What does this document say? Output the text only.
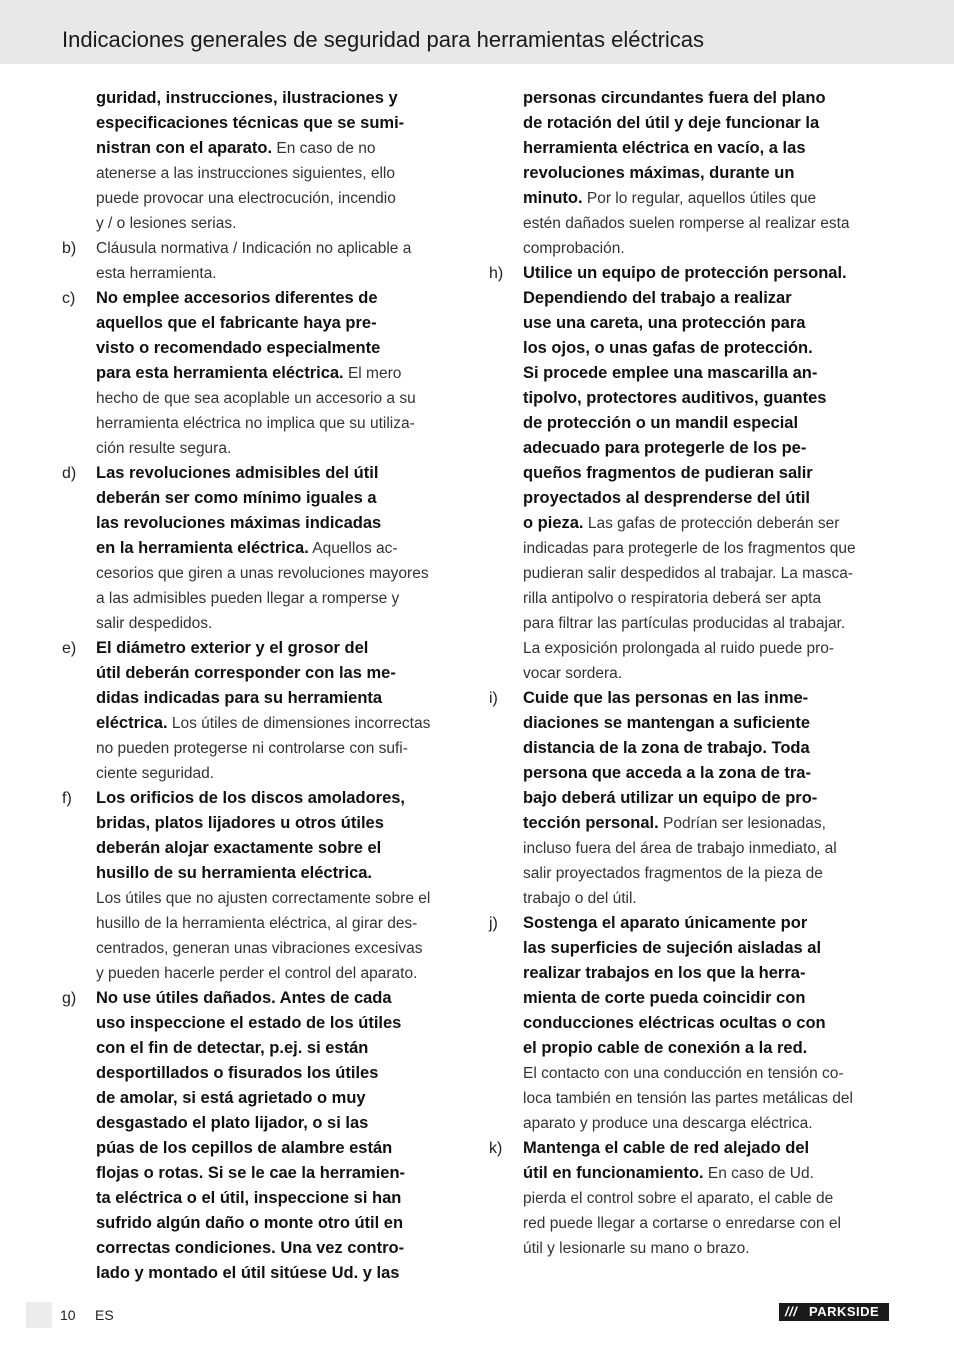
Indicaciones generales de seguridad para herramientas eléctricas
guridad, instrucciones, ilustraciones y
especificaciones técnicas que se sumi-
nistran con el aparato. En caso de no
atenerse a las instrucciones siguientes, ello
puede provocar una electrocución, incendio
y / o lesiones serias.
b) Cláusula normativa / Indicación no aplicable a
esta herramienta.
c) No emplee accesorios diferentes de
aquellos que el fabricante haya pre-
visto o recomendado especialmente
para esta herramienta eléctrica. El mero
hecho de que sea acoplable un accesorio a su
herramienta eléctrica no implica que su utiliza-
ción resulte segura.
d) Las revoluciones admisibles del útil
deberán ser como mínimo iguales a
las revoluciones máximas indicadas
en la herramienta eléctrica. Aquellos ac-
cesorios que giren a unas revoluciones mayores
a las admisibles pueden llegar a romperse y
salir despedidos.
e) El diámetro exterior y el grosor del
útil deberán corresponder con las me-
didas indicadas para su herramienta
eléctrica. Los útiles de dimensiones incorrectas
no pueden protegerse ni controlarse con sufi-
ciente seguridad.
f) Los orificios de los discos amoladores,
bridas, platos lijadores u otros útiles
deberán alojar exactamente sobre el
husillo de su herramienta eléctrica.
Los útiles que no ajusten correctamente sobre el
husillo de la herramienta eléctrica, al girar des-
centrados, generan unas vibraciones excesivas
y pueden hacerle perder el control del aparato.
g) No use útiles dañados. Antes de cada
uso inspeccione el estado de los útiles
con el fin de detectar, p.ej. si están
desportillados o fisurados los útiles
de amolar, si está agrietado o muy
desgastado el plato lijador, o si las
púas de los cepillos de alambre están
flojas o rotas. Si se le cae la herramien-
ta eléctrica o el útil, inspeccione si han
sufrido algún daño o monte otro útil en
correctas condiciones. Una vez contro-
lado y montado el útil sitúese Ud. y las
personas circundantes fuera del plano
de rotación del útil y deje funcionar la
herramienta eléctrica en vacío, a las
revoluciones máximas, durante un
minuto. Por lo regular, aquellos útiles que
estén dañados suelen romperse al realizar esta
comprobación.
h) Utilice un equipo de protección personal.
Dependiendo del trabajo a realizar
use una careta, una protección para
los ojos, o unas gafas de protección.
Si procede emplee una mascarilla an-
tipolvo, protectores auditivos, guantes
de protección o un mandil especial
adecuado para protegerle de los pe-
queños fragmentos de pudieran salir
proyectados al desprenderse del útil
o pieza. Las gafas de protección deberán ser
indicadas para protegerle de los fragmentos que
pudieran salir despedidos al trabajar. La masca-
rilla antipolvo o respiratoria deberá ser apta
para filtrar las partículas producidas al trabajar.
La exposición prolongada al ruido puede pro-
vocar sordera.
i) Cuide que las personas en las inme-
diaciones se mantengan a suficiente
distancia de la zona de trabajo. Toda
persona que acceda a la zona de tra-
bajo deberá utilizar un equipo de pro-
tección personal. Podrían ser lesionadas,
incluso fuera del área de trabajo inmediato, al
salir proyectados fragmentos de la pieza de
trabajo o del útil.
j) Sostenga el aparato únicamente por
las superficies de sujeción aisladas al
realizar trabajos en los que la herra-
mienta de corte pueda coincidir con
conducciones eléctricas ocultas o con
el propio cable de conexión a la red.
El contacto con una conducción en tensión co-
loca también en tensión las partes metálicas del
aparato y produce una descarga eléctrica.
k) Mantenga el cable de red alejado del
útil en funcionamiento. En caso de Ud.
pierda el control sobre el aparato, el cable de
red puede llegar a cortarse o enredarse con el
útil y lesionarle su mano o brazo.
10 ES	/// PARKSIDE
